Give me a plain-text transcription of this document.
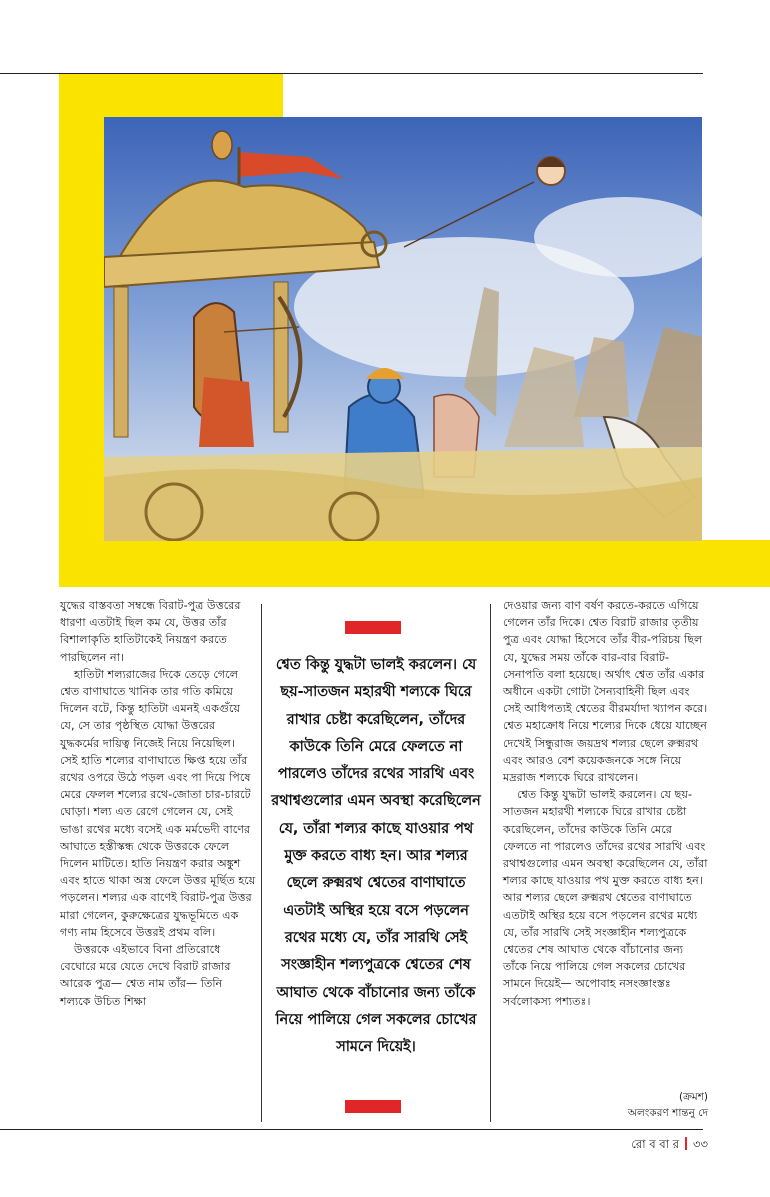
যুদ্ধের বাস্তবতা সম্বন্ধে বিরাট-পুত্র উত্তরের ধারণা এতটাই ছিল কম যে, উত্তর তাঁর বিশালাকৃতি হাতিটাকেই নিয়ন্ত্রণ করতে পারছিলেন না।

হাতিটা শল্যরাজের দিকে তেড়ে গেলে শ্বেত বাণাঘাতে খানিক তার গতি কমিয়ে দিলেন বটে, কিন্তু হাতিটা এমনই একগুঁয়ে যে, সে তার পৃষ্ঠস্থিত যোদ্ধা উত্তরের যুদ্ধকর্মের দায়িত্ব নিজেই নিয়ে নিয়েছিল। সেই হাতি শল্যের বাণাঘাতে ক্ষিপ্ত হয়ে তাঁর রথের ওপরে উঠে পড়ল এবং পা দিয়ে পিষে মেরে ফেলল শল্যের রথে-জোতা চার-চারটে ঘোড়া। শল্য এত রেগে গেলেন যে, সেই ভাঙা রথের মধ্যে বসেই এক মর্মভেদী বাণের আঘাতে হস্তীস্কন্ধ থেকে উত্তরকে ফেলে দিলেন মাটিতে। হাতি নিয়ন্ত্রণ করার অঙ্কুশ এবং হাতে থাকা অস্ত্র ফেলে উত্তর মূর্ছিত হয়ে পড়লেন। শল্যর এক বাণেই বিরাট-পুত্র উত্তর মারা গেলেন, কুরুক্ষেত্রের যুদ্ধভূমিতে এক গণ্য নাম হিসেবে উত্তরই প্রথম বলি।

উত্তরকে এইভাবে বিনা প্রতিরোধে বেঘোরে মরে যেতে দেখে বিরাট রাজার আরেক পুত্র— শ্বেত নাম তাঁর— তিনি শল্যকে উচিত শিক্ষা

শ্বেত কিন্তু যুদ্ধটা ভালই করলেন। যে ছয়-সাতজন মহারথী শল্যকে ঘিরে রাখার চেষ্টা করেছিলেন, তাঁদের কাউকে তিনি মেরে ফেলতে না পারলেও তাঁদের রথের সারথি এবং রথাশ্বগুলোর এমন অবস্থা করেছিলেন যে, তাঁরা শল্যর কাছে যাওয়ার পথ মুক্ত করতে বাধ্য হন। আর শল্যর ছেলে রুক্মরথ শ্বেতের বাণাঘাতে এতটাই অস্থির হয়ে বসে পড়লেন রথের মধ্যে যে, তাঁর সারথি সেই সংজ্ঞাহীন শল্যপুত্রকে শ্বেতের শেষ আঘাত থেকে বাঁচানোর জন্য তাঁকে নিয়ে পালিয়ে গেল সকলের চোখের সামনে দিয়েই।

দেওয়ার জন্য বাণ বর্ষণ করতে-করতে এগিয়ে গেলেন তাঁর দিকে। শ্বেত বিরাট রাজার তৃতীয় পুত্র এবং যোদ্ধা হিসেবে তাঁর বীর-পরিচয় ছিল যে, যুদ্ধের সময় তাঁকে বার-বার বিরাট-সেনাপতি বলা হয়েছে। অর্থাৎ শ্বেত তাঁর একার অধীনে একটা গোটা সৈন্যবাহিনী ছিল এবং সেই আধিপত্যই শ্বেতের বীরমর্যাদা খ্যাপন করে। শ্বেত মহাক্রোধ নিয়ে শল্যের দিকে ধেয়ে যাচ্ছেন দেখেই সিন্ধুরাজ জয়দ্রথ শল্যর ছেলে রুক্মরথ এবং আরও বেশ কয়েকজনকে সঙ্গে নিয়ে মদ্ররাজ শল্যকে ঘিরে রাখলেন।

শ্বেত কিন্তু যুদ্ধটা ভালই করলেন। যে ছয়-সাতজন মহারথী শল্যকে ঘিরে রাখার চেষ্টা করেছিলেন, তাঁদের কাউকে তিনি মেরে ফেলতে না পারলেও তাঁদের রথের সারথি এবং রথাশ্বগুলোর এমন অবস্থা করেছিলেন যে, তাঁরা শল্যর কাছে যাওয়ার পথ মুক্ত করতে বাধ্য হন। আর শল্যর ছেলে রুক্মরথ শ্বেতের বাণাঘাতে এতটাই অস্থির হয়ে বসে পড়লেন রথের মধ্যে যে, তাঁর সারথি সেই সংজ্ঞাহীন শল্যপুত্রকে শ্বেতের শেষ আঘাত থেকে বাঁচানোর জন্য তাঁকে নিয়ে পালিয়ে গেল সকলের চোখের সামনে দিয়েই— অপোবাহ নসংজ্ঞাংস্তঃ সর্বলোকস্য পশ্যতঃ।

(ক্রমশ)
অলংকরণ শান্তনু দে
রো ব বা র ৩৩
